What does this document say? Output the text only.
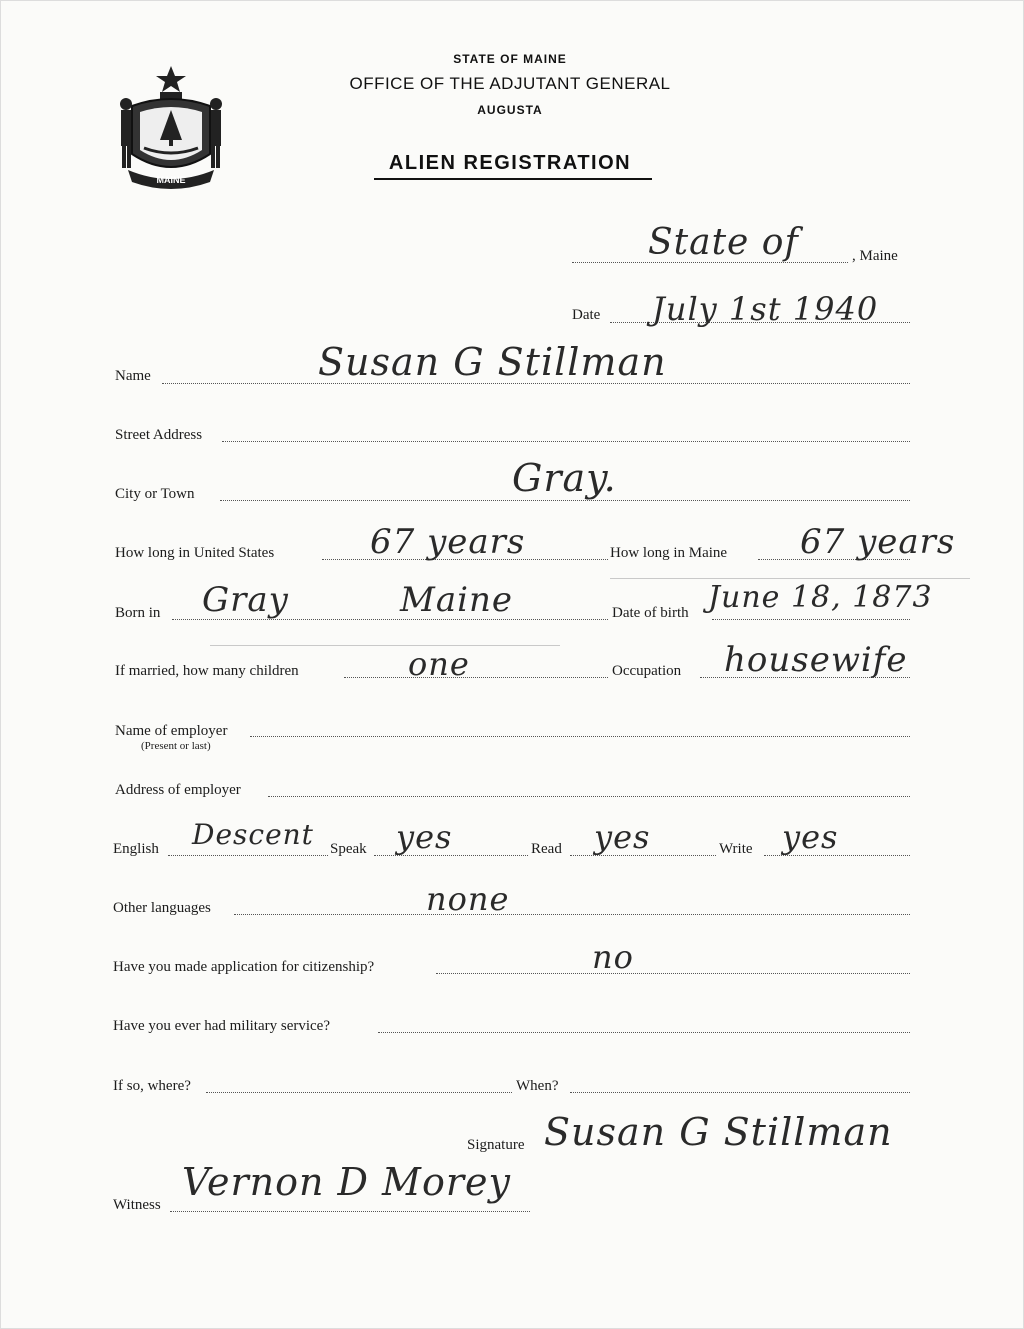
MAINE
STATE OF MAINE
OFFICE OF THE ADJUTANT GENERAL
AUGUSTA
ALIEN REGISTRATION
State of	, Maine
Date July 1st 1940
Name	Susan G Stillman
Street Address
City or Town	Gray.
How long in United States	67 years	How long in Maine 67 years
Born in Gray	Maine	Date of birth June 18, 1873
If married, how many children	one	Occupation housewife
Name of employer
(Present or last)
Address of employer
English Descent Speak yes	Read yes	Write yes
Other languages	none
Have you made application for citizenship?	no
Have you ever had military service?
If so, where?	When?
Signature Susan G Stillman
Witness
Vernon D Morey
